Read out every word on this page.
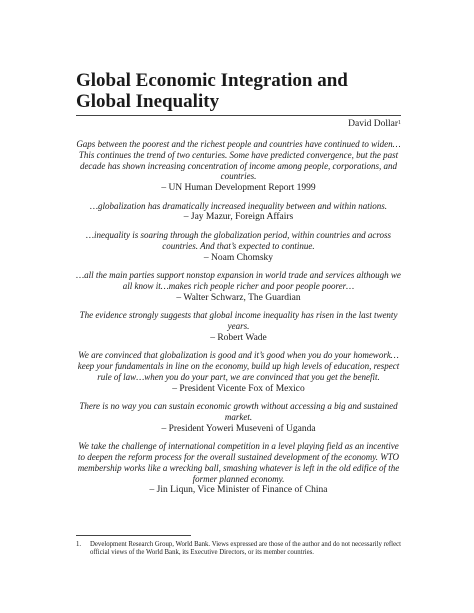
Global Economic Integration and Global Inequality
David Dollar$^1$

Gaps between the poorest and the richest people and countries have continued to widen…This continues the trend of two centuries. Some have predicted convergence, but the past decade has shown increasing concentration of income among people, corporations, and countries.

– UN Human Development Report 1999

…globalization has dramatically increased inequality between and within nations.

– Jay Mazur, Foreign Affairs

…inequality is soaring through the globalization period, within countries and across countries. And that’s expected to continue.

– Noam Chomsky

…all the main parties support nonstop expansion in world trade and services although we all know it…makes rich people richer and poor people poorer…

– Walter Schwarz, The Guardian

The evidence strongly suggests that global income inequality has risen in the last twenty years.

– Robert Wade

We are convinced that globalization is good and it’s good when you do your homework…keep your fundamentals in line on the economy, build up high levels of education, respect rule of law…when you do your part, we are convinced that you get the benefit.

– President Vicente Fox of Mexico

There is no way you can sustain economic growth without accessing a big and sustained market.

– President Yoweri Museveni of Uganda

We take the challenge of international competition in a level playing field as an incentive to deepen the reform process for the overall sustained development of the economy. WTO membership works like a wrecking ball, smashing whatever is left in the old edifice of the former planned economy.

– Jin Liqun, Vice Minister of Finance of China

1.	Development Research Group, World Bank. Views expressed are those of the author and do not necessarily reflect official views of the World Bank, its Executive Directors, or its member countries.
